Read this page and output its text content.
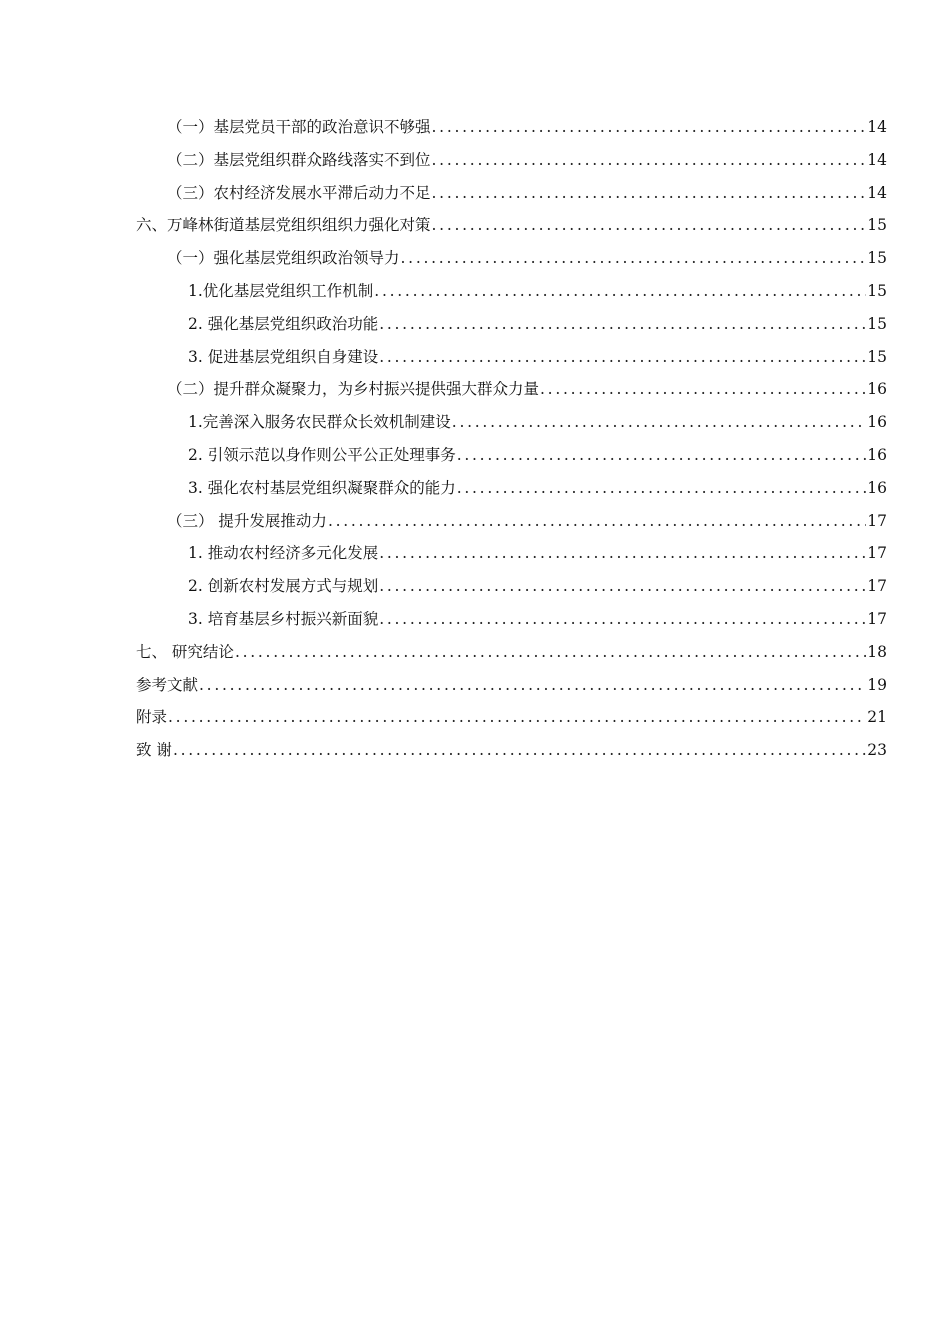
（一）基层党员干部的政治意识不够强 . . .	14
（二）基层党组织群众路线落实不到位 . . .	14
（三）农村经济发展水平滞后动力不足 . . .	14
六、万峰林街道基层党组织组织力强化对策 . . .	15
（一）强化基层党组织政治领导力 . . .	15
1.优化基层党组织工作机制 . . .	15
2. 强化基层党组织政治功能 . . .	15
3. 促进基层党组织自身建设 . . .	15
（二）提升群众凝聚力，为乡村振兴提供强大群众力量 . . .	16
1.完善深入服务农民群众长效机制建设 . . .	16
2. 引领示范以身作则公平公正处理事务 . . .	16
3. 强化农村基层党组织凝聚群众的能力 . . .	16
（三） 提升发展推动力 . . .	17
1. 推动农村经济多元化发展 . . .	17
2. 创新农村发展方式与规划 . . .	17
3. 培育基层乡村振兴新面貌 . . .	17
七、 研究结论 . . .	18
参考文献 . . .	19
附录 . . .	21
致 谢 . . .	23
